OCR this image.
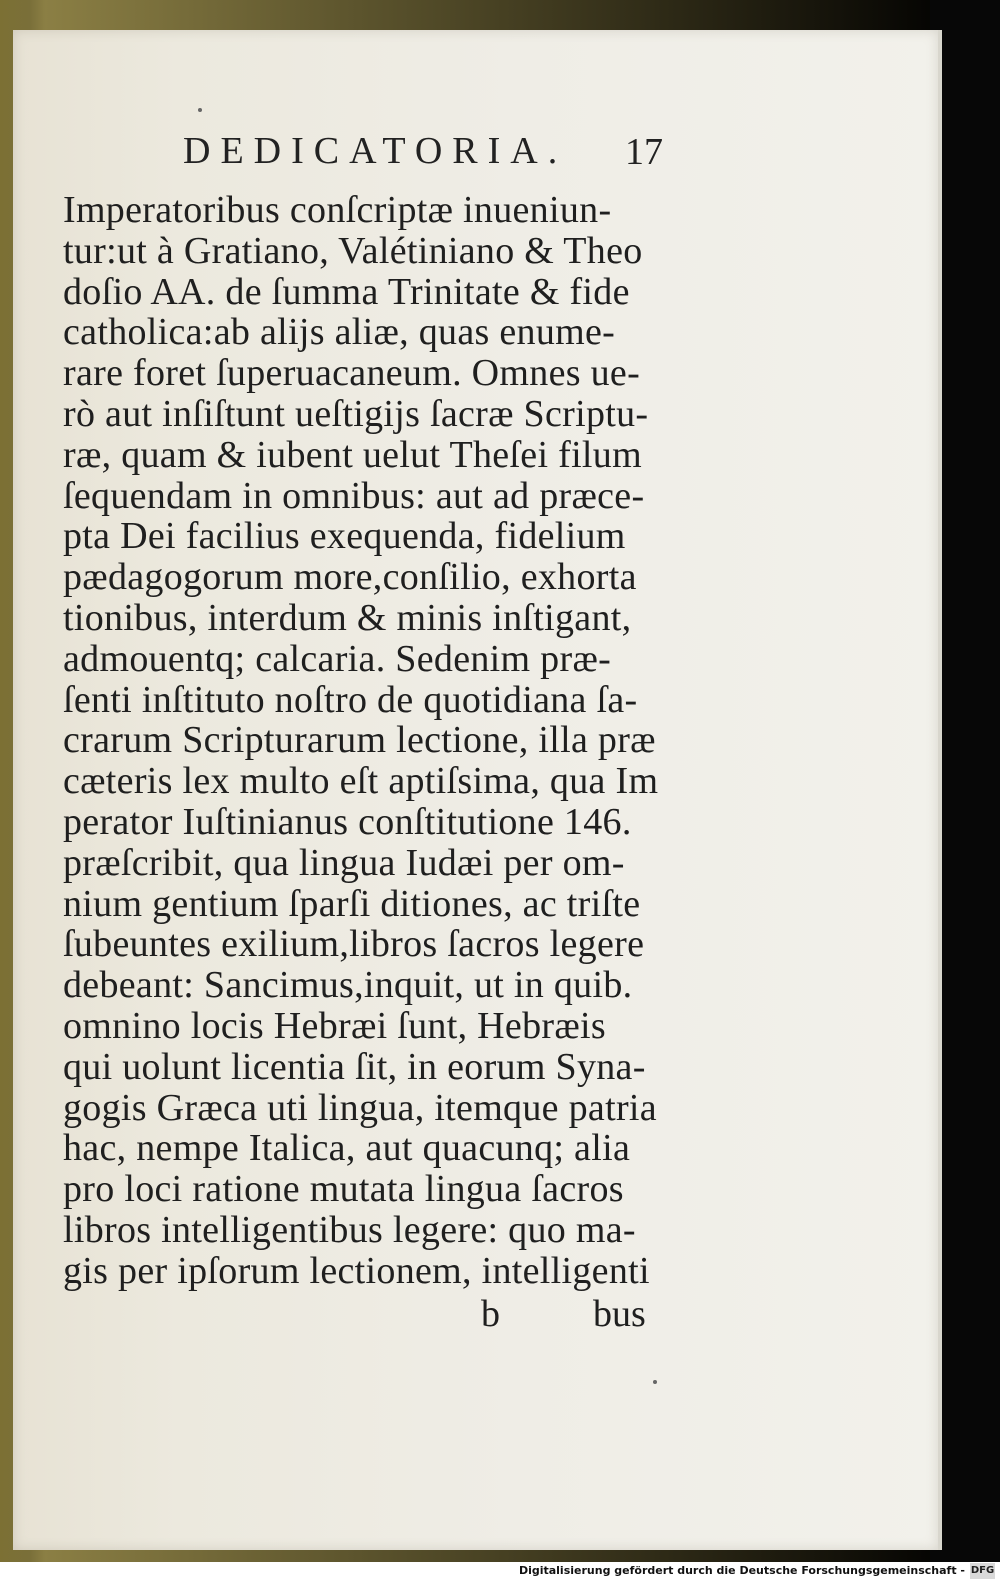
DEDICATORIA. 17
Imperatoribus conſcriptæ inueniun-
tur:ut à Gratiano, Valétiniano & Theo
doſio AA. de ſumma Trinitate & fide
catholica:ab alijs aliæ, quas enume-
rare foret ſuperuacaneum. Omnes ue-
rò aut inſiſtunt ueſtigijs ſacræ Scriptu-
ræ, quam & iubent uelut Theſei filum
ſequendam in omnibus: aut ad præce-
pta Dei facilius exequenda, fidelium
pædagogorum more,conſilio, exhorta
tionibus, interdum & minis inſtigant,
admouentq; calcaria. Sedenim præ-
ſenti inſtituto noſtro de quotidiana ſa-
crarum Scripturarum lectione, illa præ
cæteris lex multo eſt aptiſsima, qua Im
perator Iuſtinianus conſtitutione 146.
præſcribit, qua lingua Iudæi per om-
nium gentium ſparſi ditiones, ac triſte
ſubeuntes exilium,libros ſacros legere
debeant: Sancimus,inquit, ut in quib.
omnino locis Hebræi ſunt, Hebræis
qui uolunt licentia ſit, in eorum Syna-
gogis Græca uti lingua, itemque patria
hac, nempe Italica, aut quacunq; alia
pro loci ratione mutata lingua ſacros
libros intelligentibus legere: quo ma-
gis per ipſorum lectionem, intelligenti
b bus
Digitalisierung gefördert durch die Deutsche Forschungsgemeinschaft - DFG
